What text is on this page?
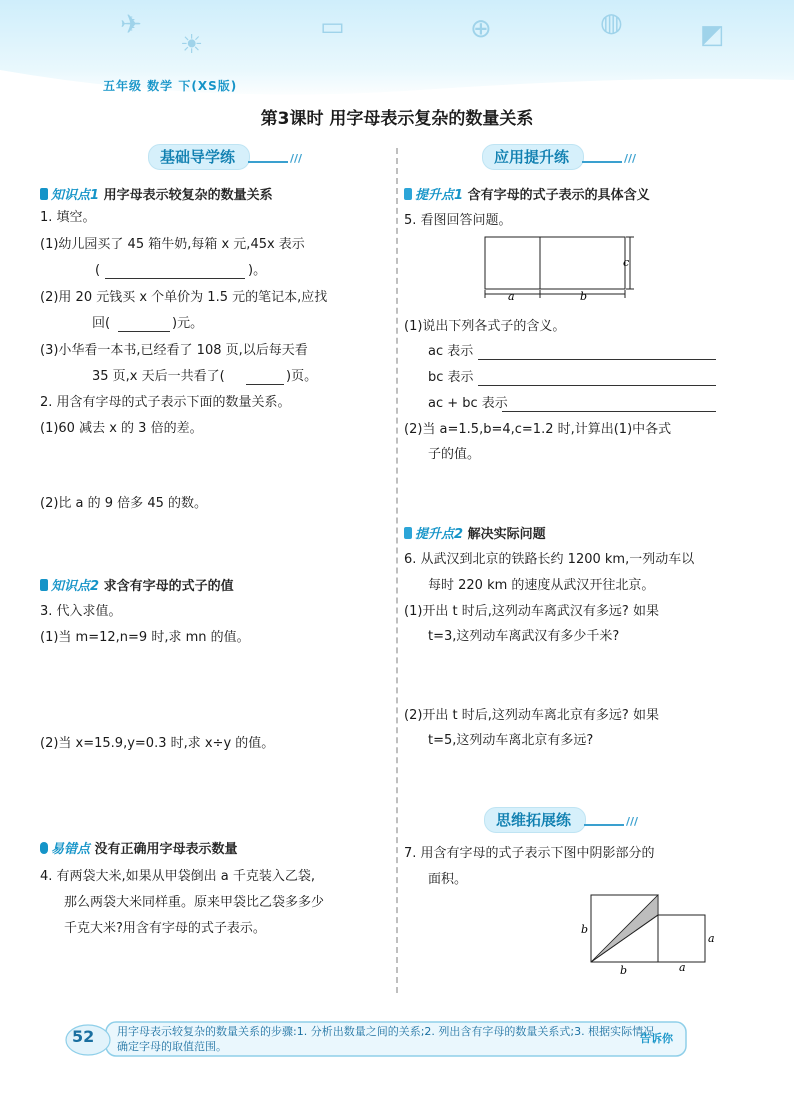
✈
☀
▭	⊕	◍	◩
五年级 数学 下(XS版)
第3课时 用字母表示复杂的数量关系
基础导学练	///
知识点1 用字母表示较复杂的数量关系
1. 填空。
(1)幼儿园买了 45 箱牛奶,每箱 x 元,45x 表示
(	)。
(2)用 20 元钱买 x 个单价为 1.5 元的笔记本,应找
回(	)元。
(3)小华看一本书,已经看了 108 页,以后每天看
35 页,x 天后一共看了(	)页。
2. 用含有字母的式子表示下面的数量关系。
(1)60 减去 x 的 3 倍的差。
(2)比 a 的 9 倍多 45 的数。
知识点2 求含有字母的式子的值
3. 代入求值。
(1)当 m=12,n=9 时,求 mn 的值。
(2)当 x=15.9,y=0.3 时,求 x÷y 的值。
易错点 没有正确用字母表示数量
4. 有两袋大米,如果从甲袋倒出 a 千克装入乙袋,
那么两袋大米同样重。原来甲袋比乙袋多多少
千克大米?用含有字母的式子表示。
应用提升练	///
提升点1 含有字母的式子表示的具体含义
5. 看图回答问题。
a	b
c
(1)说出下列各式子的含义。
ac 表示
bc 表示
ac + bc 表示
(2)当 a=1.5,b=4,c=1.2 时,计算出(1)中各式
子的值。
提升点2 解决实际问题
6. 从武汉到北京的铁路长约 1200 km,一列动车以
每时 220 km 的速度从武汉开往北京。
(1)开出 t 时后,这列动车离武汉有多远? 如果
t=3,这列动车离武汉有多少千米?
(2)开出 t 时后,这列动车离北京有多远? 如果
t=5,这列动车离北京有多远?
思维拓展练	///
7. 用含有字母的式子表示下图中阴影部分的
面积。
b
b
a
a
52 用字母表示较复杂的数量关系的步骤:1. 分析出数量之间的关系;2. 列出含有字母的数量关系式;3. 根据实际情况确定字母的取值范围。
告诉你
